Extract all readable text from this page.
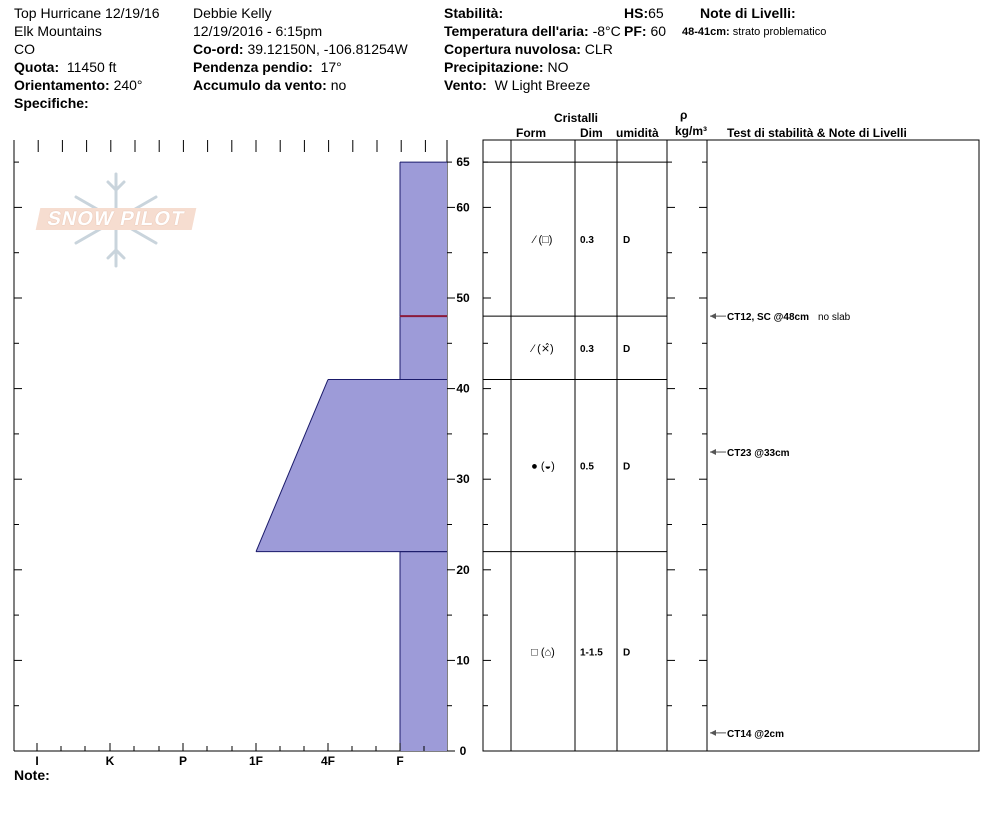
Top Hurricane 12/19/16
Elk Mountains
CO
Quota: 11450 ft
Orientamento: 240°
Specifiche:
Debbie Kelly
12/19/2016 - 6:15pm
Co-ord: 39.12150N, -106.81254W
Pendenza pendio: 17°
Accumulo da vento: no
Stabilità:
Temperatura dell'aria: -8°C
Copertura nuvolosa: CLR
Precipitazione: NO
Vento: W Light Breeze
HS:65
PF: 60
Note di Livelli:
48-41cm: strato problematico
Cristalli
Form	Dim umidità
ρ
kg/m³ Test di stabilità & Note di Livelli
Note:
SNOW PILOT
I	K	P	1F	4F	F
65
60
50
40
30
20
10
0
⁄ (□)	0.3	D
⁄ (⨯̂)	0.3	D
● (◒)	0.5	D
□ (⌂)	1-1.5 D
CT12, SC @48cm no slab
CT23 @33cm
CT14 @2cm
